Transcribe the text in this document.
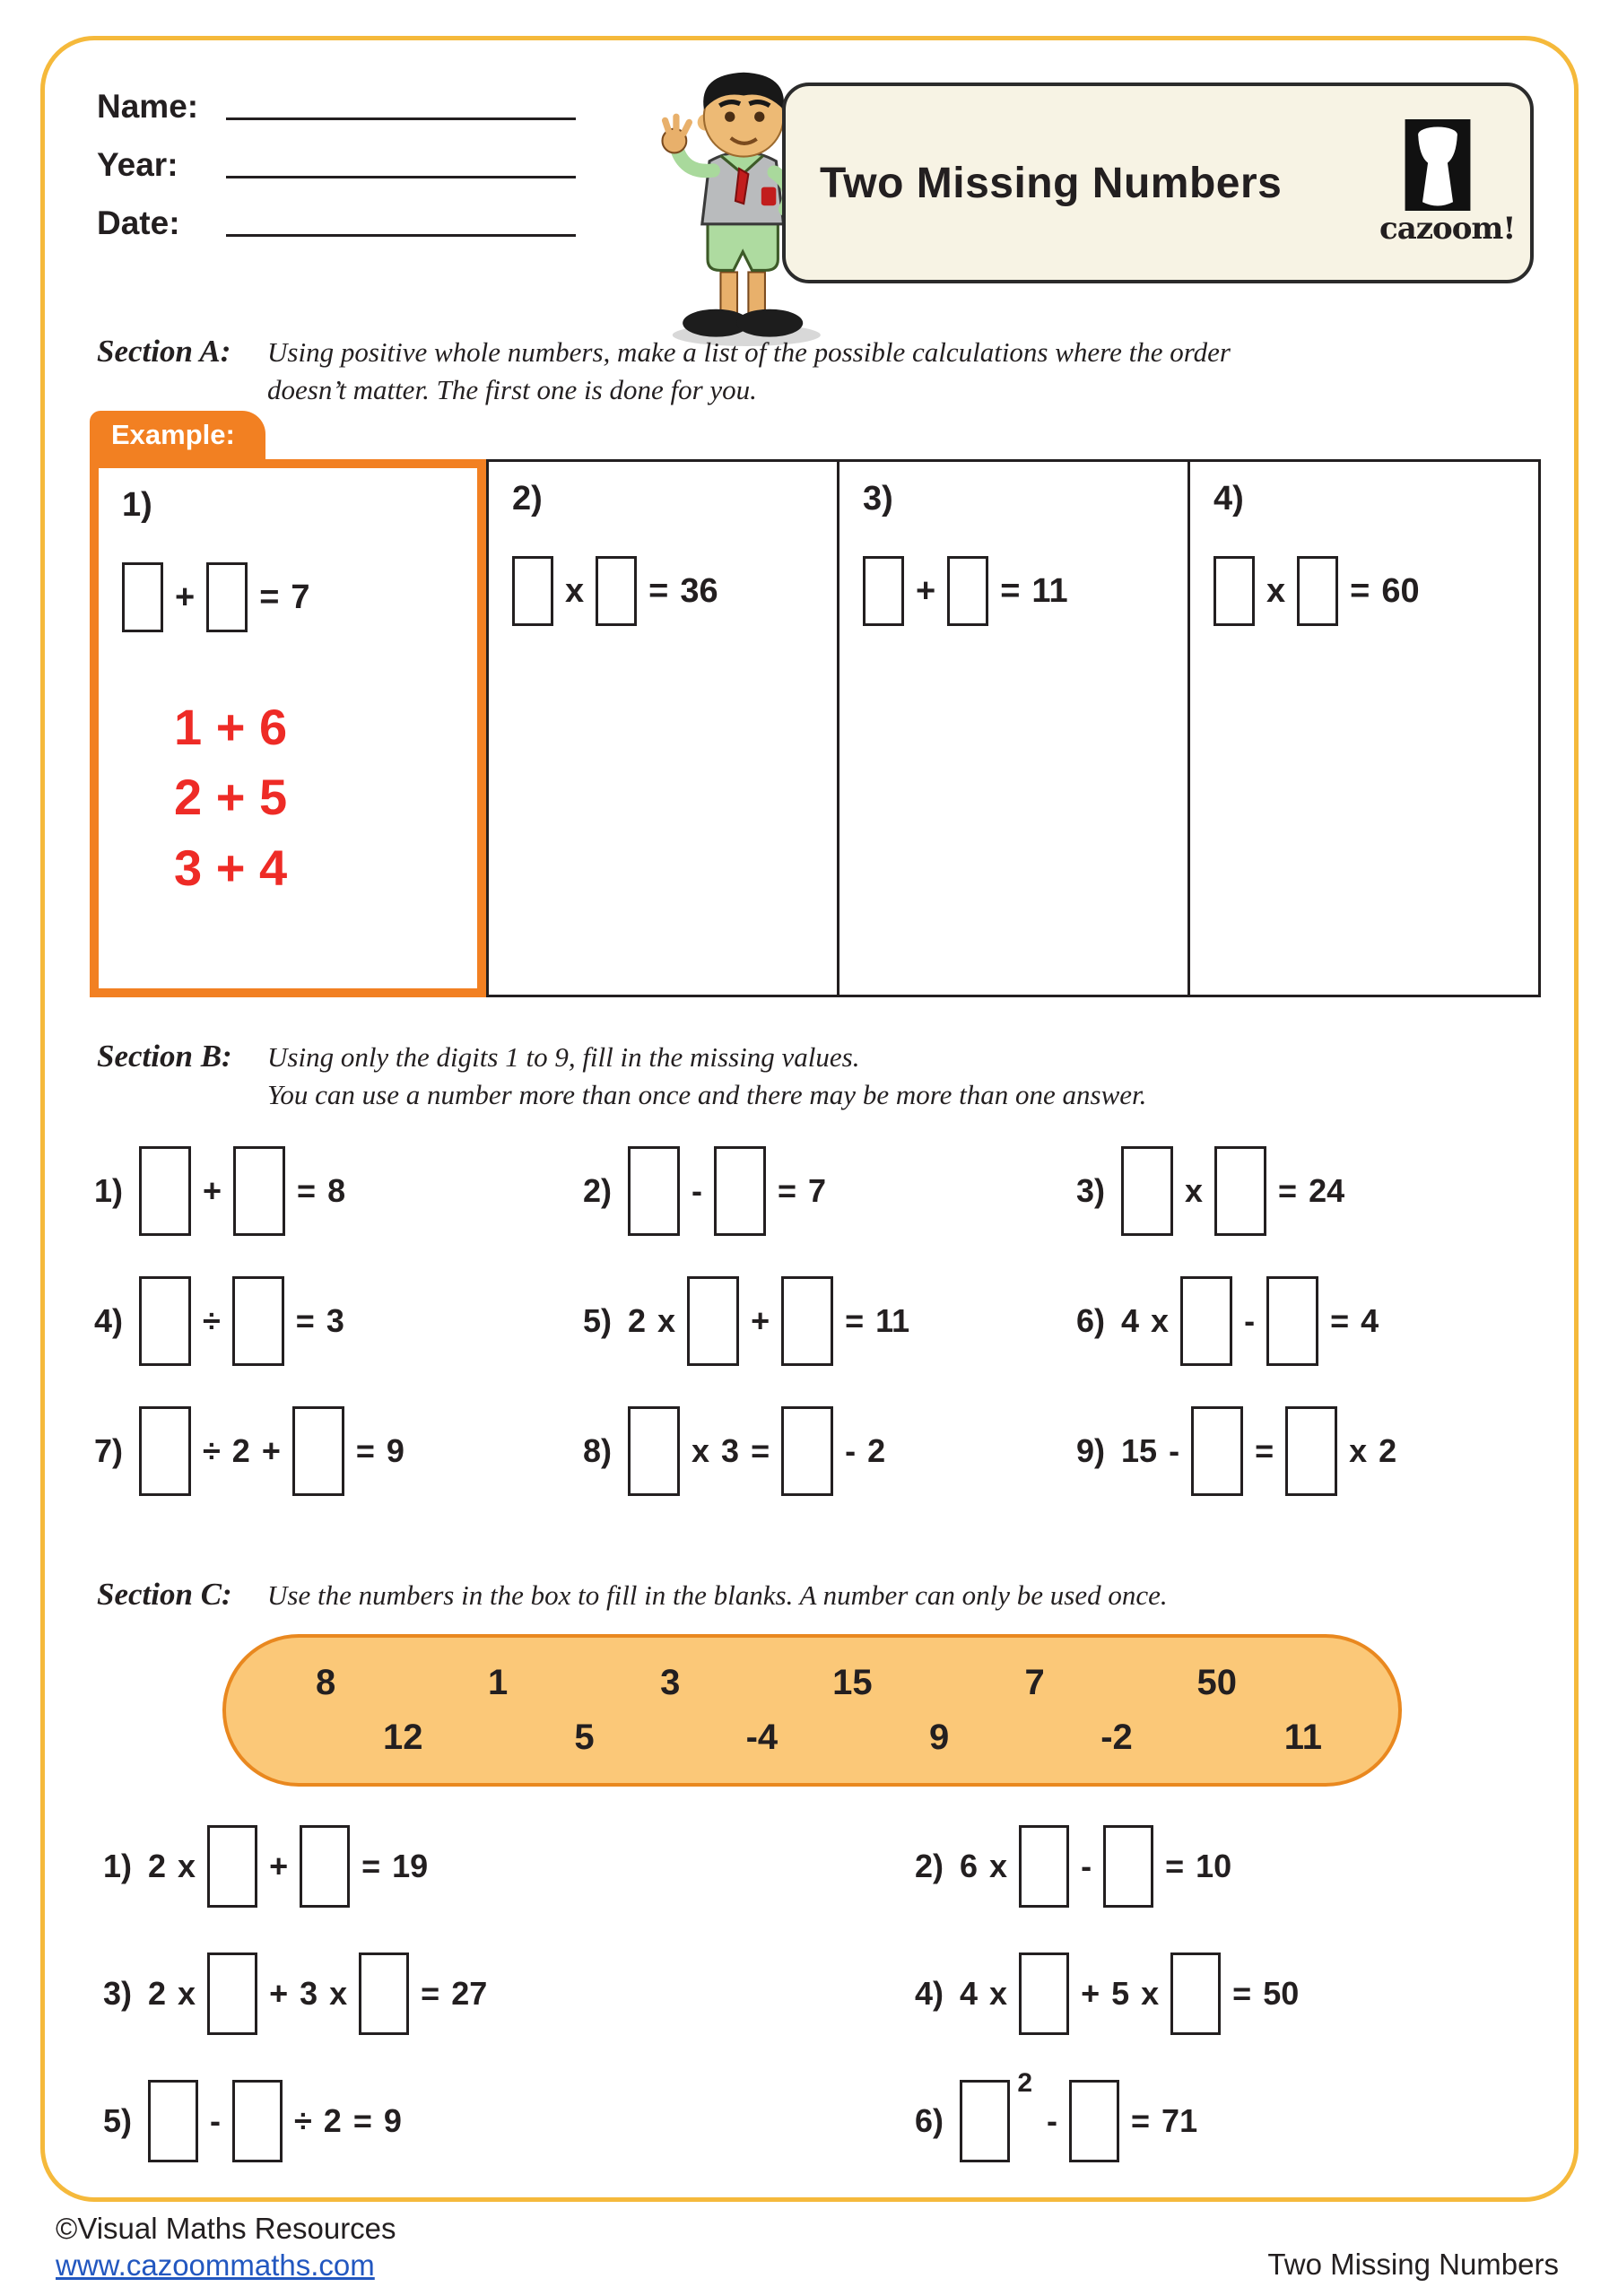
Name:
Year:
Date:
Two Missing Numbers
cazoom!
Section A: Using positive whole numbers, make a list of the possible calculations where the order
doesn’t matter. The first one is done for you.
Example:
1)
+ = 7
1 + 6
2 + 5
3 + 4
2)
x = 36
3)
+ = 11
4)
x = 60
Section B: Using only the digits 1 to 9, fill in the missing values.
You can use a number more than once and there may be more than one answer.
1) + = 8	2) - = 7	3) x = 24
4) ÷ = 3	5) 2 x + = 11	6) 4 x - = 4
7) ÷ 2 + = 9	8) x 3 = - 2	9) 15 - = x 2
Section C: Use the numbers in the box to fill in the blanks. A number can only be used once.
8	1	3	15	7	50
12	5	-4	9	-2	11
1) 2 x + = 19	2) 6 x - = 10
3) 2 x + 3 x = 27	4) 4 x + 5 x = 50
5) - ÷ 2 = 9	6)
2
- = 71
©Visual Maths Resources
www.cazoommaths.com	Two Missing Numbers
